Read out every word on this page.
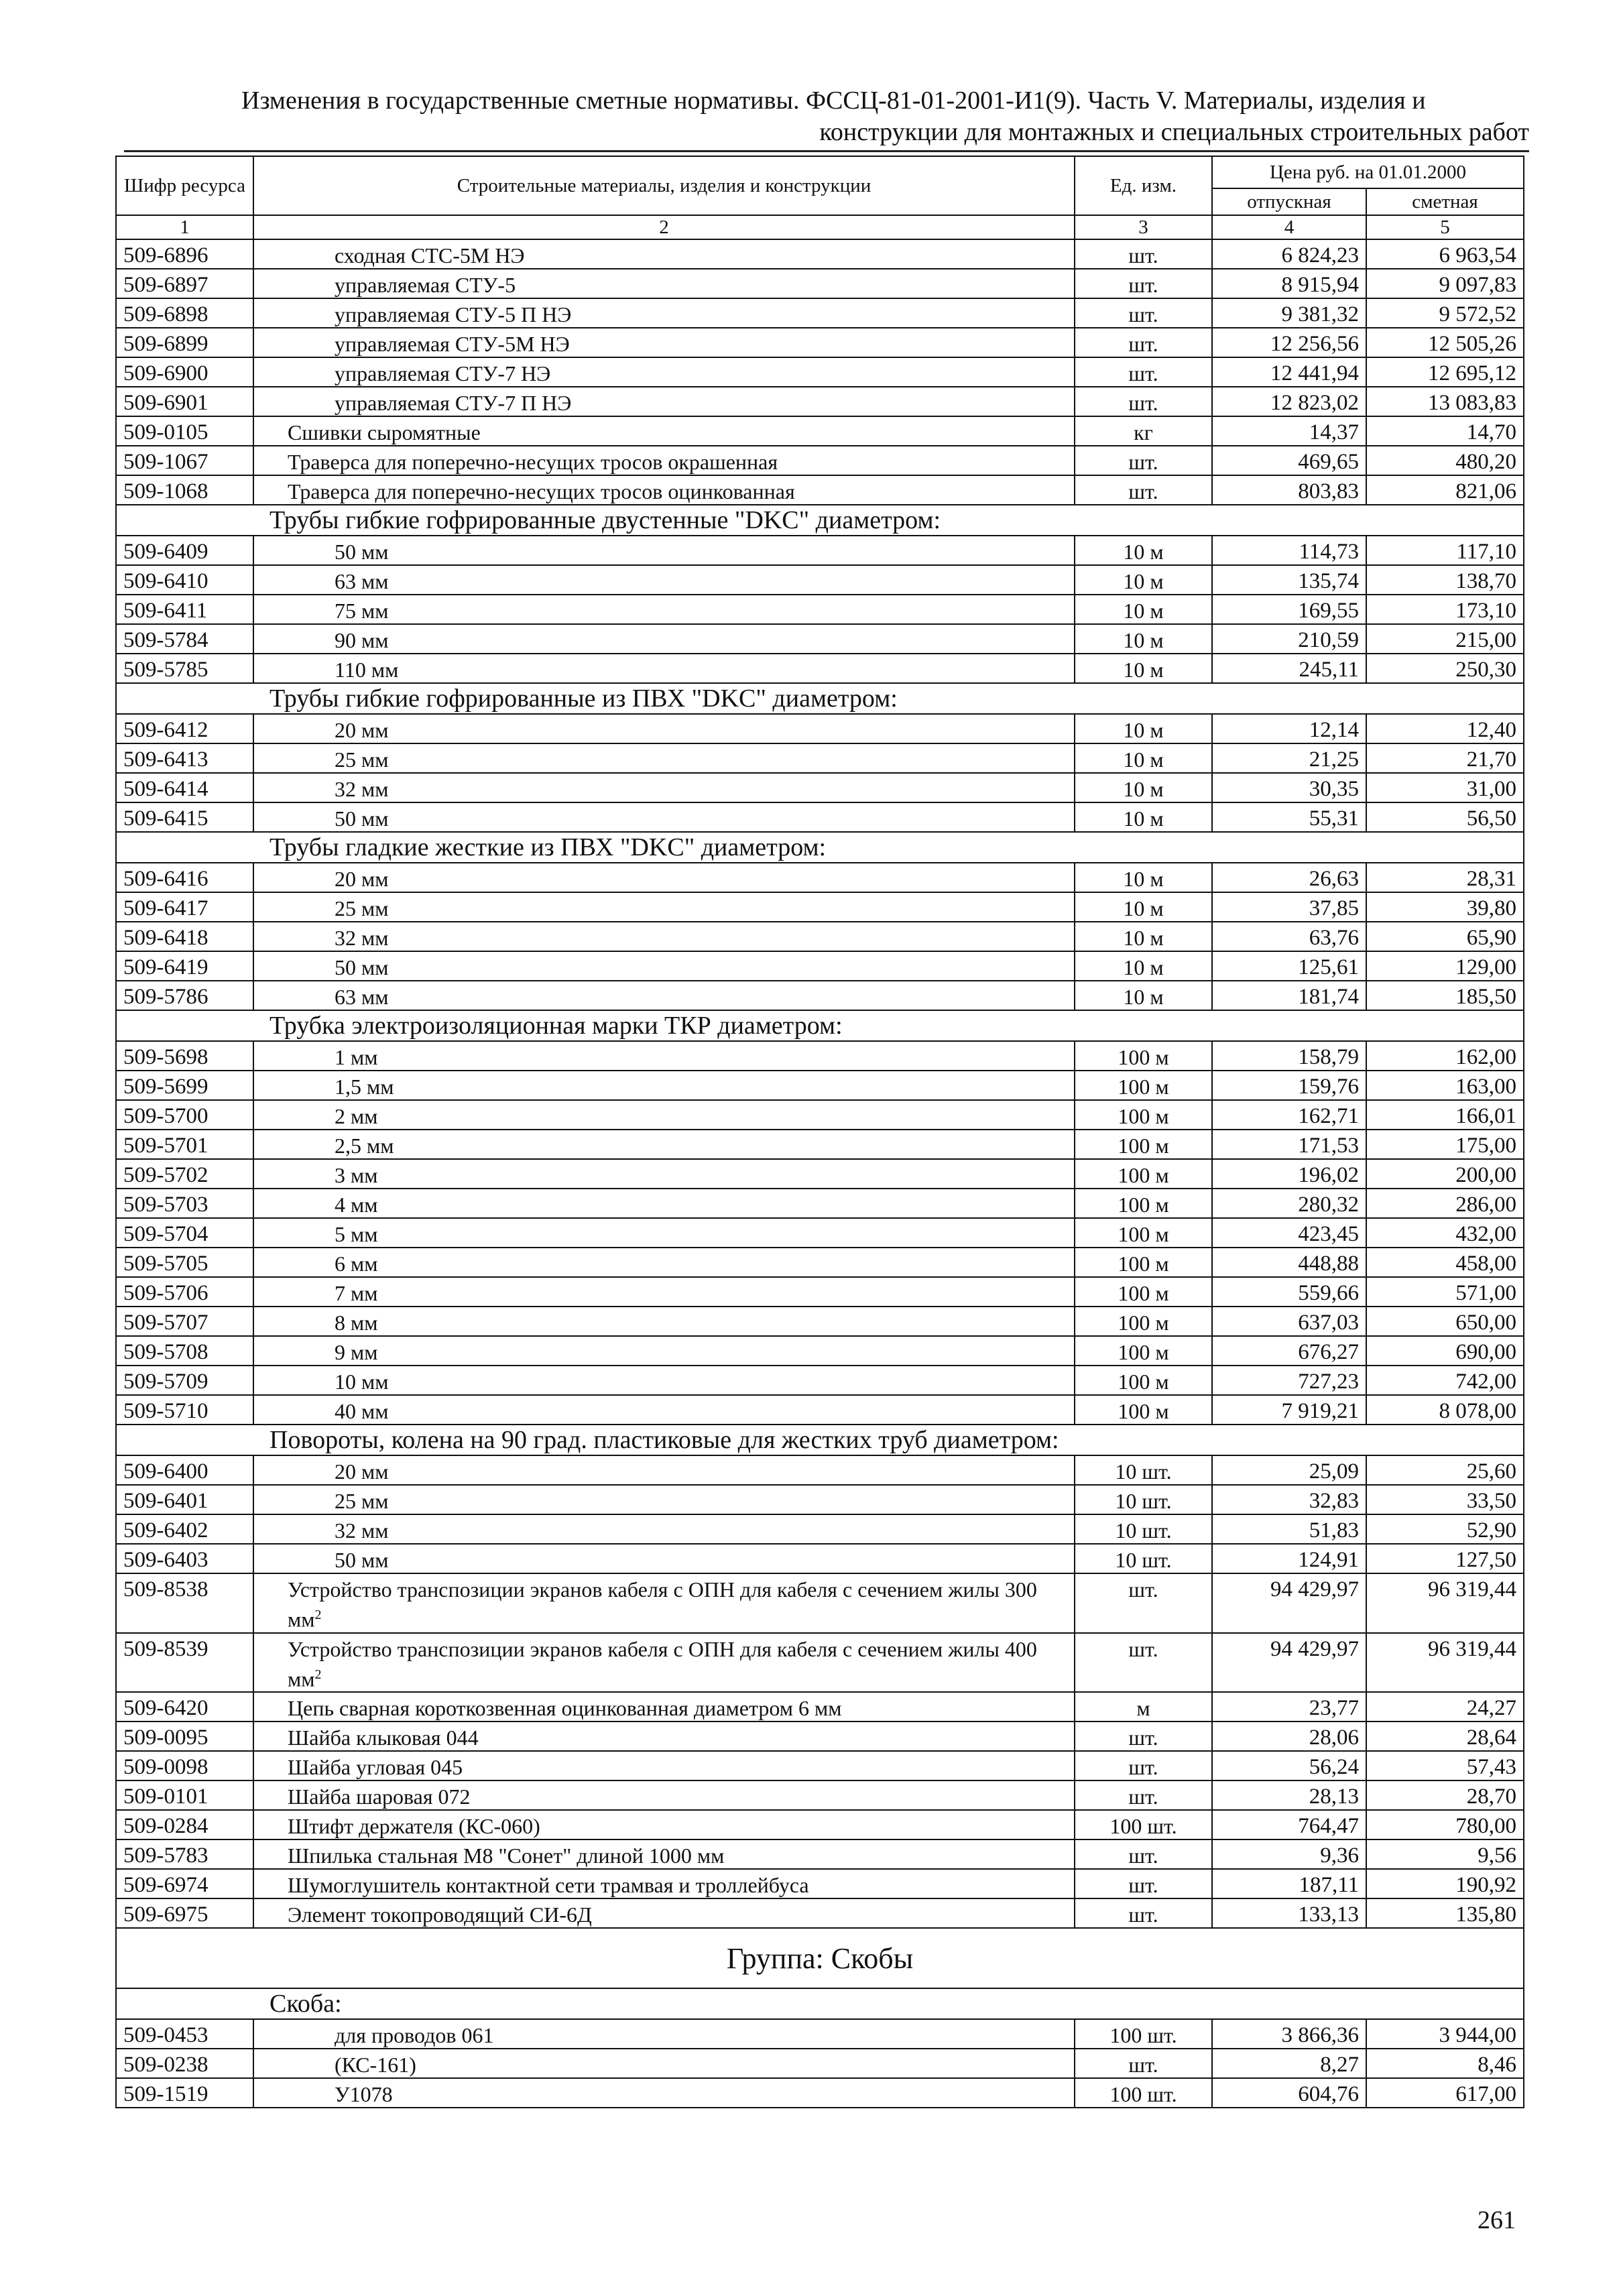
Изменения в государственные сметные нормативы. ФССЦ-81-01-2001-И1(9). Часть V. Материалы, изделия и
конструкции для монтажных и специальных строительных работ
Шифр ресурса	Строительные материалы, изделия и конструкции	Ед. изм.	Цена руб. на 01.01.2000	
			отпускная	сметная
1	2	3	4	5
509-6896	сходная СТС-5М НЭ	шт.	6 824,23	6 963,54
509-6897	управляемая СТУ-5	шт.	8 915,94	9 097,83
509-6898	управляемая СТУ-5 П НЭ	шт.	9 381,32	9 572,52
509-6899	управляемая СТУ-5М НЭ	шт.	12 256,56	12 505,26
509-6900	управляемая СТУ-7 НЭ	шт.	12 441,94	12 695,12
509-6901	управляемая СТУ-7 П НЭ	шт.	12 823,02	13 083,83
509-0105	Сшивки сыромятные	кг	14,37	14,70
509-1067	Траверса для поперечно-несущих тросов окрашенная	шт.	469,65	480,20
509-1068	Траверса для поперечно-несущих тросов оцинкованная	шт.	803,83	821,06
Трубы гибкие гофрированные двустенные "DKC" диаметром:				
509-6409	50 мм	10 м	114,73	117,10
509-6410	63 мм	10 м	135,74	138,70
509-6411	75 мм	10 м	169,55	173,10
509-5784	90 мм	10 м	210,59	215,00
509-5785	110 мм	10 м	245,11	250,30
Трубы гибкие гофрированные из ПВХ "DKC" диаметром:				
509-6412	20 мм	10 м	12,14	12,40
509-6413	25 мм	10 м	21,25	21,70
509-6414	32 мм	10 м	30,35	31,00
509-6415	50 мм	10 м	55,31	56,50
Трубы гладкие жесткие из ПВХ "DKC" диаметром:				
509-6416	20 мм	10 м	26,63	28,31
509-6417	25 мм	10 м	37,85	39,80
509-6418	32 мм	10 м	63,76	65,90
509-6419	50 мм	10 м	125,61	129,00
509-5786	63 мм	10 м	181,74	185,50
Трубка электроизоляционная марки ТКР диаметром:				
509-5698	1 мм	100 м	158,79	162,00
509-5699	1,5 мм	100 м	159,76	163,00
509-5700	2 мм	100 м	162,71	166,01
509-5701	2,5 мм	100 м	171,53	175,00
509-5702	3 мм	100 м	196,02	200,00
509-5703	4 мм	100 м	280,32	286,00
509-5704	5 мм	100 м	423,45	432,00
509-5705	6 мм	100 м	448,88	458,00
509-5706	7 мм	100 м	559,66	571,00
509-5707	8 мм	100 м	637,03	650,00
509-5708	9 мм	100 м	676,27	690,00
509-5709	10 мм	100 м	727,23	742,00
509-5710	40 мм	100 м	7 919,21	8 078,00
Повороты, колена на 90 град. пластиковые для жестких труб диаметром:				
509-6400	20 мм	10 шт.	25,09	25,60
509-6401	25 мм	10 шт.	32,83	33,50
509-6402	32 мм	10 шт.	51,83	52,90
509-6403	50 мм	10 шт.	124,91	127,50
509-8538	Устройство транспозиции экранов кабеля с ОПН для кабеля с сечением жилы 300 $мм^2$	шт.	94 429,97	96 319,44
509-8539	Устройство транспозиции экранов кабеля с ОПН для кабеля с сечением жилы 400 $мм^2$	шт.	94 429,97	96 319,44
509-6420	Цепь сварная короткозвенная оцинкованная диаметром 6 мм	м	23,77	24,27
509-0095	Шайба клыковая 044	шт.	28,06	28,64
509-0098	Шайба угловая 045	шт.	56,24	57,43
509-0101	Шайба шаровая 072	шт.	28,13	28,70
509-0284	Штифт держателя (КС-060)	100 шт.	764,47	780,00
509-5783	Шпилька стальная М8 "Сонет" длиной 1000 мм	шт.	9,36	9,56
509-6974	Шумоглушитель контактной сети трамвая и троллейбуса	шт.	187,11	190,92
509-6975	Элемент токопроводящий СИ-6Д	шт.	133,13	135,80
Группа: Скобы				
Скоба:				
509-0453	для проводов 061	100 шт.	3 866,36	3 944,00
509-0238	(КС-161)	шт.	8,27	8,46
509-1519	У1078	100 шт.	604,76	617,00
261
